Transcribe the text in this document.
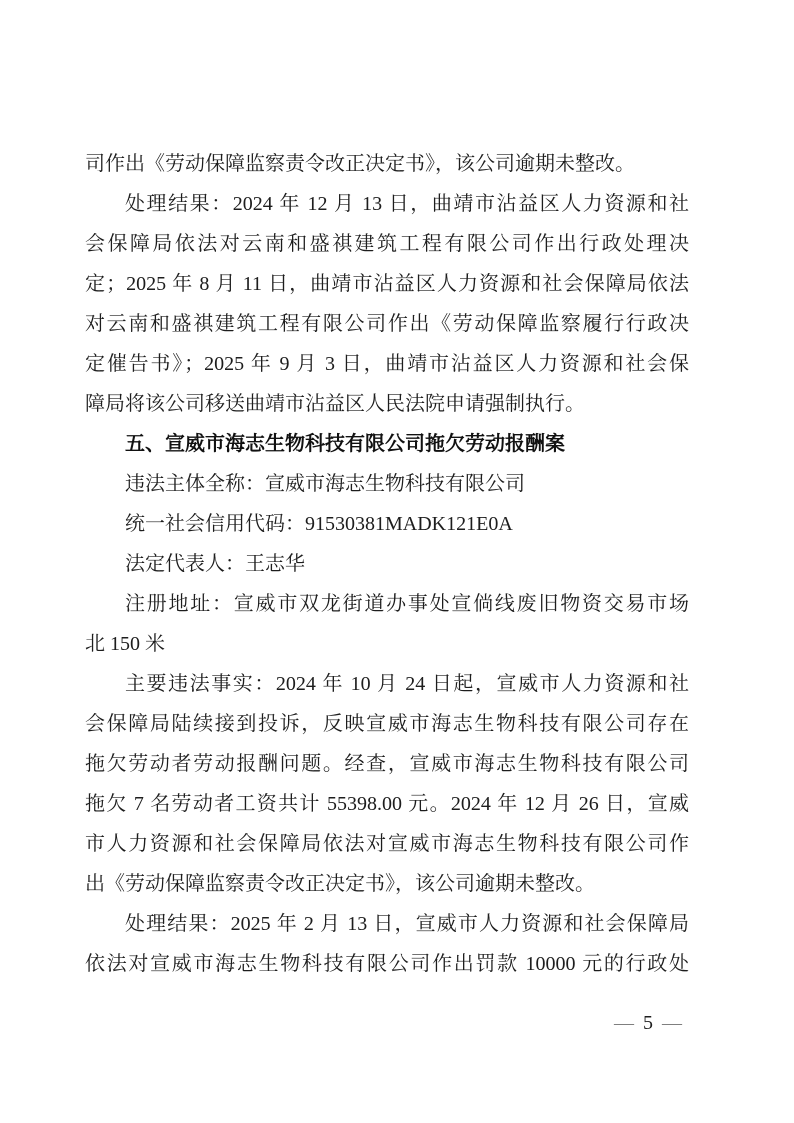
司作出《劳动保障监察责令改正决定书》，该公司逾期未整改。
处理结果：2024 年 12 月 13 日，曲靖市沾益区人力资源和社
会保障局依法对云南和盛祺建筑工程有限公司作出行政处理决
定；2025 年 8 月 11 日，曲靖市沾益区人力资源和社会保障局依法
对云南和盛祺建筑工程有限公司作出《劳动保障监察履行行政决
定催告书》；2025 年 9 月 3 日，曲靖市沾益区人力资源和社会保
障局将该公司移送曲靖市沾益区人民法院申请强制执行。
五、宣威市海志生物科技有限公司拖欠劳动报酬案
违法主体全称：宣威市海志生物科技有限公司
统一社会信用代码：91530381MADK121E0A
法定代表人：王志华
注册地址：宣威市双龙街道办事处宣倘线废旧物资交易市场
北 150 米
主要违法事实：2024 年 10 月 24 日起，宣威市人力资源和社
会保障局陆续接到投诉，反映宣威市海志生物科技有限公司存在
拖欠劳动者劳动报酬问题。经查，宣威市海志生物科技有限公司
拖欠 7 名劳动者工资共计 55398.00 元。2024 年 12 月 26 日，宣威
市人力资源和社会保障局依法对宣威市海志生物科技有限公司作
出《劳动保障监察责令改正决定书》，该公司逾期未整改。
处理结果：2025 年 2 月 13 日，宣威市人力资源和社会保障局
依法对宣威市海志生物科技有限公司作出罚款 10000 元的行政处
— 5 —
